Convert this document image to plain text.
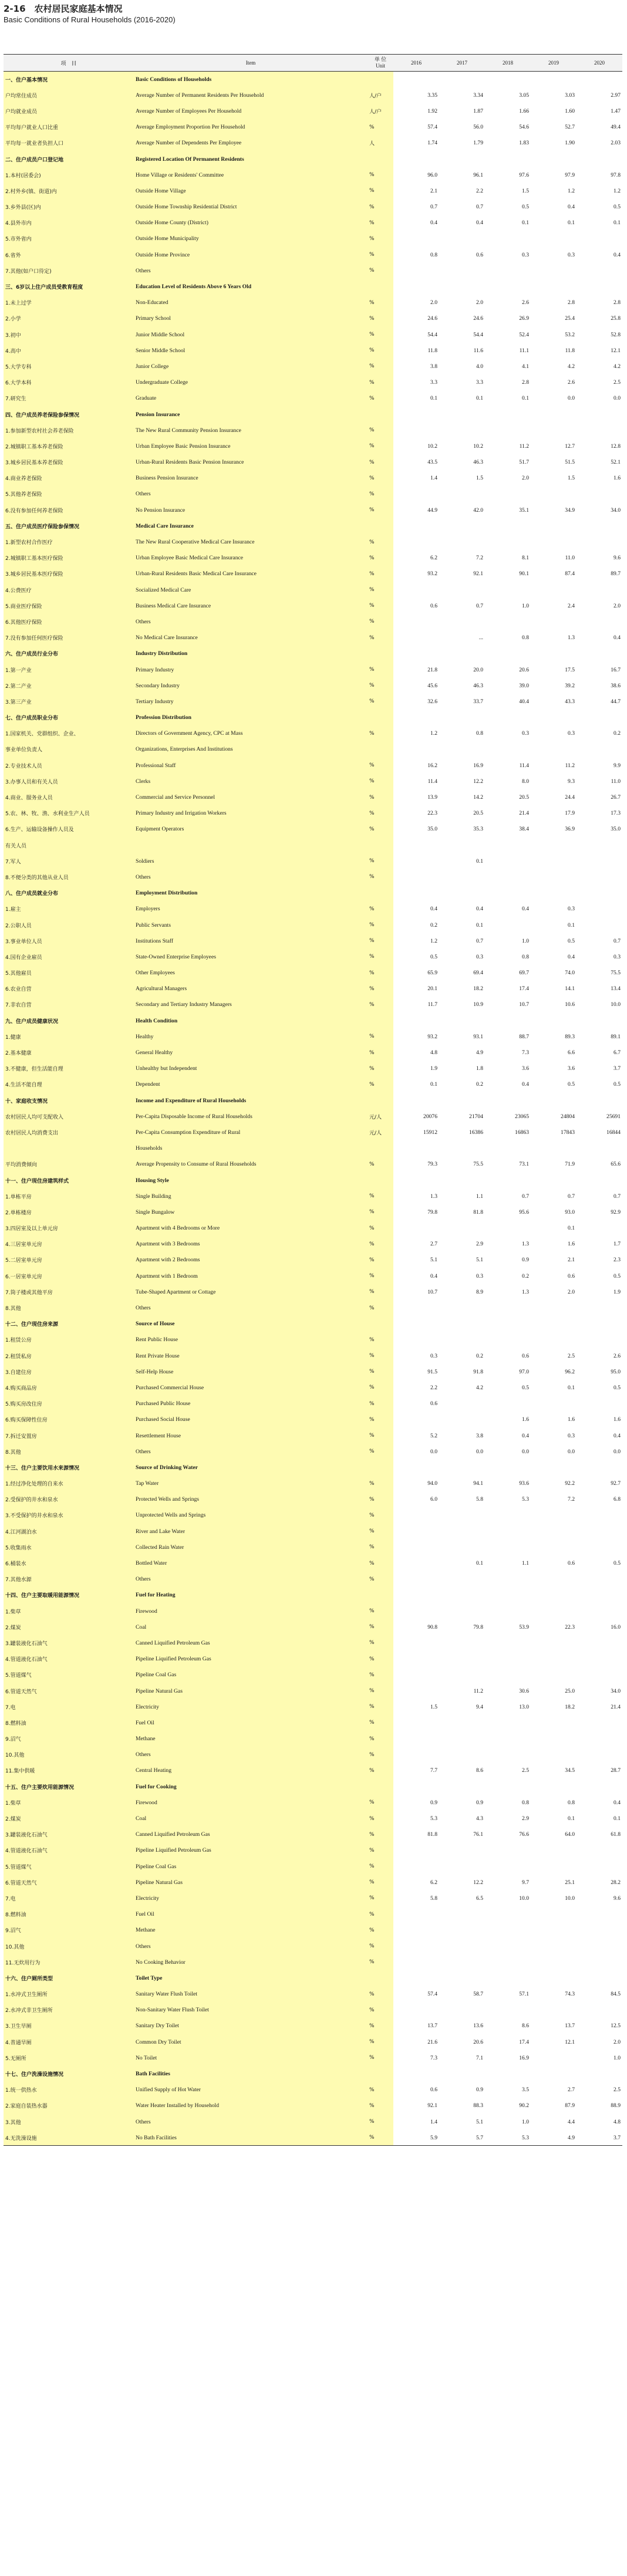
2-16　农村居民家庭基本情况
Basic Conditions of Rural Households (2016-2020)
项　目	Item	单 位
Unit	2016	2017	2018	2019	2020
一、住户基本情况	Basic Conditions of Households						
户均常住成员	Average Number of Permanent Residents Per Household	人/户	3.35	3.34	3.05	3.03	2.97
户均就业成员	Average Number of Employees Per Household	人/户	1.92	1.87	1.66	1.60	1.47
平均每户就业人口比重	Average Employment Proportion Per Household	%	57.4	56.0	54.6	52.7	49.4
平均每一就业者负担人口	Average Number of Dependents Per Employee	人	1.74	1.79	1.83	1.90	2.03
二、住户成员户口登记地	Registered Location Of Permanent Residents						
1.本村(居委会)	Home Village or Residents' Committee	%	96.0	96.1	97.6	97.9	97.8
2.村外乡(镇、街道)内	Outside Home Village	%	2.1	2.2	1.5	1.2	1.2
3.乡外县(区)内	Outside Home Township Residential District	%	0.7	0.7	0.5	0.4	0.5
4.县外市内	Outside Home County (District)	%	0.4	0.4	0.1	0.1	0.1
5.市外省内	Outside Home Municipality	%					
6.省外	Outside Home Province	%	0.8	0.6	0.3	0.3	0.4
7.其他(如户口待定)	Others	%					
三、6岁以上住户成员受教育程度	Education Level of Residents Above 6 Years Old						
1.未上过学	Non-Educated	%	2.0	2.0	2.6	2.8	2.8
2.小学	Primary School	%	24.6	24.6	26.9	25.4	25.8
3.初中	Junior Middle School	%	54.4	54.4	52.4	53.2	52.8
4.高中	Senior Middle School	%	11.8	11.6	11.1	11.8	12.1
5.大学专科	Junior College	%	3.8	4.0	4.1	4.2	4.2
6.大学本科	Undergraduate College	%	3.3	3.3	2.8	2.6	2.5
7.研究生	Graduate	%	0.1	0.1	0.1	0.0	0.0
四、住户成员养老保险参保情况	Pension Insurance						
1.参加新型农村社会养老保险	The New Rural Community Pension Insurance	%					
2.城镇职工基本养老保险	Urban Employee Basic Pension Insurance	%	10.2	10.2	11.2	12.7	12.8
3.城乡居民基本养老保险	Urban-Rural Residents Basic Pension Insurance	%	43.5	46.3	51.7	51.5	52.1
4.商业养老保险	Business Pension Insurance	%	1.4	1.5	2.0	1.5	1.6
5.其他养老保险	Others	%					
6.没有参加任何养老保险	No Pension Insurance	%	44.9	42.0	35.1	34.9	34.0
五、住户成员医疗保险参保情况	Medical Care Insurance						
1.新型农村合作医疗	The New Rural Cooperative Medical Care Insurance	%					
2.城镇职工基本医疗保险	Urban Employee Basic Medical Care Insurance	%	6.2	7.2	8.1	11.0	9.6
3.城乡居民基本医疗保险	Urban-Rural Residents Basic Medical Care Insurance	%	93.2	92.1	90.1	87.4	89.7
4.公费医疗	Socialized Medical Care	%					
5.商业医疗保险	Business Medical Care Insurance	%	0.6	0.7	1.0	2.4	2.0
6.其他医疗保险	Others	%					
7.没有参加任何医疗保险	No Medical Care Insurance	%		...	0.8	1.3	0.4
六、住户成员行业分布	Industry Distribution						
1.第一产业	Primary Industry	%	21.8	20.0	20.6	17.5	16.7
2.第二产业	Secondary Industry	%	45.6	46.3	39.0	39.2	38.6
3.第三产业	Tertiary Industry	%	32.6	33.7	40.4	43.3	44.7
七、住户成员职业分布	Profession Distribution						
1.国家机关、党群组织、企业、	Directors of Government Agency, CPC at Mass	%	1.2	0.8	0.3	0.3	0.2
事业单位负责人	Organizations, Enterprises And Institutions						
2.专业技术人员	Professional Staff	%	16.2	16.9	11.4	11.2	9.9
3.办事人员和有关人员	Clerks	%	11.4	12.2	8.0	9.3	11.0
4.商业、服务业人员	Commercial and Service Personnel	%	13.9	14.2	20.5	24.4	26.7
5.农、林、牧、渔、水利业生产人员	Primary Industry and Irrigation Workers	%	22.3	20.5	21.4	17.9	17.3
6.生产、运输设备操作人员及	Equipment Operators	%	35.0	35.3	38.4	36.9	35.0
有关人员							
7.军人	Soldiers	%		0.1			
8.不便分类的其他从业人员	Others	%					
八、住户成员就业分布	Employment Distribution						
1.雇主	Employers	%	0.4	0.4	0.4	0.3	
2.公职人员	Public Servants	%	0.2	0.1		0.1	
3.事业单位人员	Institutions Staff	%	1.2	0.7	1.0	0.5	0.7
4.国有企业雇员	State-Owned Enterprise Employees	%	0.5	0.3	0.8	0.4	0.3
5.其他雇员	Other Employees	%	65.9	69.4	69.7	74.0	75.5
6.农业自营	Agricultural Managers	%	20.1	18.2	17.4	14.1	13.4
7.非农自营	Secondary and Tertiary Industry Managers	%	11.7	10.9	10.7	10.6	10.0
九、住户成员健康状况	Health Condition						
1.健康	Healthy	%	93.2	93.1	88.7	89.3	89.1
2.基本健康	General Healthy	%	4.8	4.9	7.3	6.6	6.7
3.不健康，但生活能自理	Unhealthy but Independent	%	1.9	1.8	3.6	3.6	3.7
4.生活不能自理	Dependent	%	0.1	0.2	0.4	0.5	0.5
十、家庭收支情况	Income and Expenditure of Rural Households						
农村居民人均可支配收入	Per-Capita Disposable Income of Rural Households	元/人	20076	21704	23065	24804	25691
农村居民人均消费支出	Per-Capita Consumption Expenditure of Rural	元/人	15912	16386	16863	17843	16844
	Households						
平均消费倾向	Average Propensity to Consume of Rural Households	%	79.3	75.5	73.1	71.9	65.6
十一、住户现住房建筑样式	Housing Style						
1.单栋平房	Single Building	%	1.3	1.1	0.7	0.7	0.7
2.单栋楼房	Single Bungalow	%	79.8	81.8	95.6	93.0	92.9
3.四居室及以上单元房	Apartment with 4 Bedrooms or More	%				0.1	
4.三居室单元房	Apartment with 3 Bedrooms	%	2.7	2.9	1.3	1.6	1.7
5.二居室单元房	Apartment with 2 Bedrooms	%	5.1	5.1	0.9	2.1	2.3
6.一居室单元房	Apartment with 1 Bedroom	%	0.4	0.3	0.2	0.6	0.5
7.筒子楼或其他平房	Tube-Shaped Apartment or Cottage	%	10.7	8.9	1.3	2.0	1.9
8.其他	Others	%					
十二、住户现住房来源	Source of House						
1.租赁公房	Rent Public House	%					
2.租赁私房	Rent Private House	%	0.3	0.2	0.6	2.5	2.6
3.自建住房	Self-Help House	%	91.5	91.8	97.0	96.2	95.0
4.购买商品房	Purchased Commercial House	%	2.2	4.2	0.5	0.1	0.5
5.购买房改住房	Purchased Public House	%	0.6				
6.购买保障性住房	Purchased Social House	%			1.6	1.6	1.6
7.拆迁安置房	Resettlement House	%	5.2	3.8	0.4	0.3	0.4
8.其他	Others	%	0.0	0.0	0.0	0.0	0.0
十三、住户主要饮用水来源情况	Source of Drinking Water						
1.经过净化处理的自来水	Tap Water	%	94.0	94.1	93.6	92.2	92.7
2.受保护的井水和泉水	Protected Wells and Springs	%	6.0	5.8	5.3	7.2	6.8
3.不受保护的井水和泉水	Unprotected Wells and Springs	%					
4.江河湖泊水	River and Lake Water	%					
5.收集雨水	Collected Rain Water	%					
6.桶装水	Bottled Water	%		0.1	1.1	0.6	0.5
7.其他水源	Others	%					
十四、住户主要取暖用能源情况	Fuel for Heating						
1.柴草	Firewood	%					
2.煤炭	Coal	%	90.8	79.8	53.9	22.3	16.0
3.罐装液化石油气	Canned Liquified Petroleum Gas	%					
4.管道液化石油气	Pipeline Liquified Petroleum Gas	%					
5.管道煤气	Pipeline Coal Gas	%					
6.管道天然气	Pipeline Natural Gas	%		11.2	30.6	25.0	34.0
7.电	Electricity	%	1.5	9.4	13.0	18.2	21.4
8.燃料油	Fuel Oil	%					
9.沼气	Methane	%					
10.其他	Others	%					
11.集中供暖	Central Heating	%	7.7	8.6	2.5	34.5	28.7
十五、住户主要炊用能源情况	Fuel for Cooking						
1.柴草	Firewood	%	0.9	0.9	0.8	0.8	0.4
2.煤炭	Coal	%	5.3	4.3	2.9	0.1	0.1
3.罐装液化石油气	Canned Liquified Petroleum Gas	%	81.8	76.1	76.6	64.0	61.8
4.管道液化石油气	Pipeline Liquified Petroleum Gas	%					
5.管道煤气	Pipeline Coal Gas	%					
6.管道天然气	Pipeline Natural Gas	%	6.2	12.2	9.7	25.1	28.2
7.电	Electricity	%	5.8	6.5	10.0	10.0	9.6
8.燃料油	Fuel Oil	%					
9.沼气	Methane	%					
10.其他	Others	%					
11.无炊用行为	No Cooking Behavior	%					
十六、住户厕所类型	Toilet Type						
1.水冲式卫生厕所	Sanitary Water Flush Toilet	%	57.4	58.7	57.1	74.3	84.5
2.水冲式非卫生厕所	Non-Sanitary Water Flush Toilet	%					
3.卫生旱厕	Sanitary Dry Toilet	%	13.7	13.6	8.6	13.7	12.5
4.普通旱厕	Common Dry Toilet	%	21.6	20.6	17.4	12.1	2.0
5.无厕所	No Toilet	%	7.3	7.1	16.9		1.0
十七、住户洗澡设施情况	Bath Facilities						
1.统一供热水	Unified Supply of Hot Water	%	0.6	0.9	3.5	2.7	2.5
2.家庭自装热水器	Water Heater Installed by Household	%	92.1	88.3	90.2	87.9	88.9
3.其他	Others	%	1.4	5.1	1.0	4.4	4.8
4.无洗澡设施	No Bath Facilities	%	5.9	5.7	5.3	4.9	3.7
